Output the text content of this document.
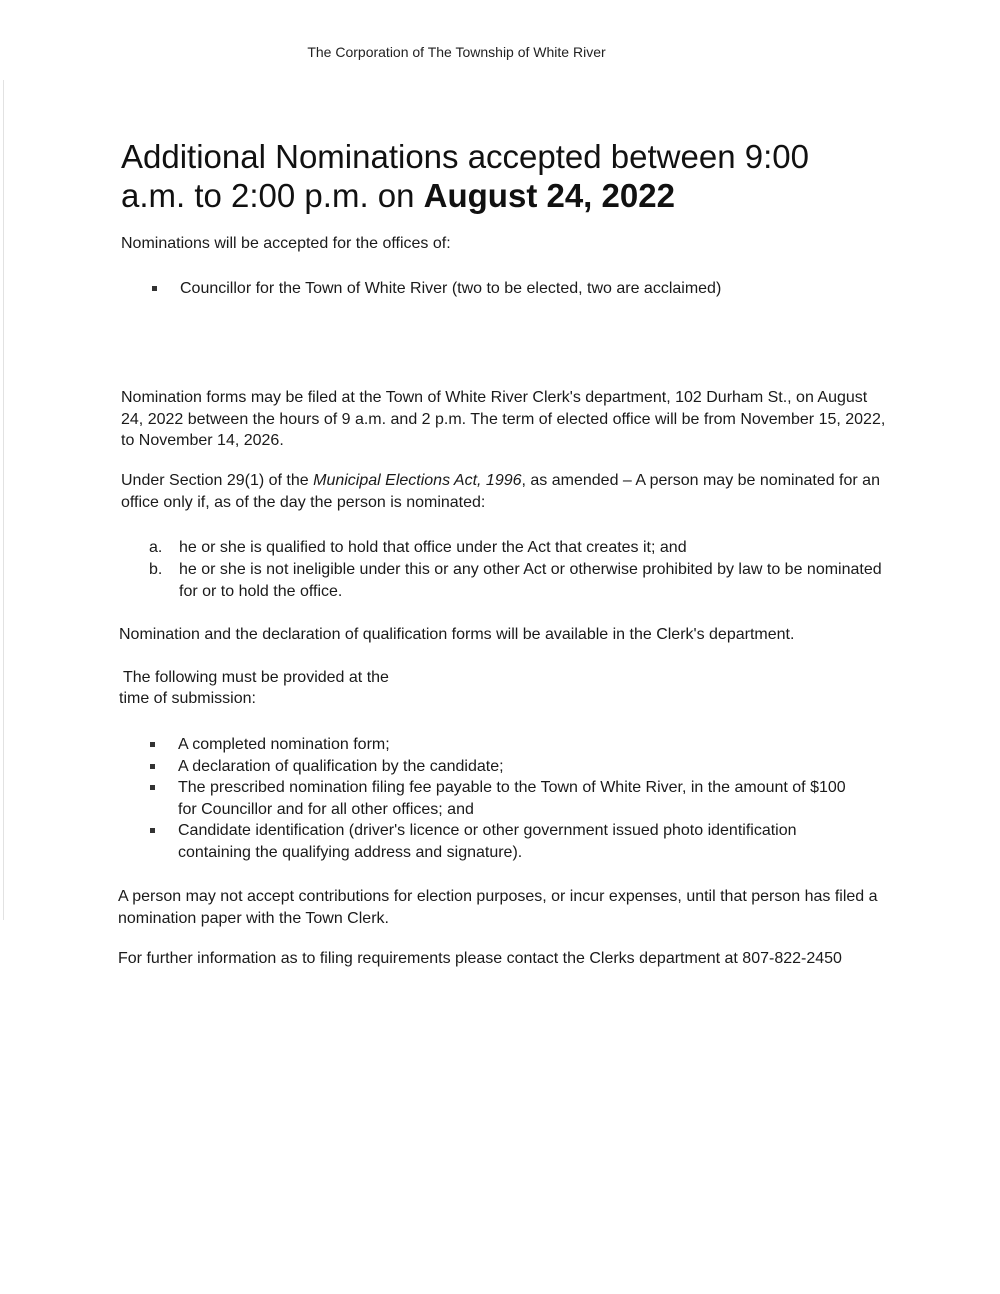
The Corporation of The Township of White River
Additional Nominations accepted between 9:00 a.m. to 2:00 p.m. on August 24, 2022

Nominations will be accepted for the offices of:

Councillor for the Town of White River (two to be elected, two are acclaimed)

Nomination forms may be filed at the Town of White River Clerk's department, 102 Durham St., on August 24, 2022 between the hours of 9 a.m. and 2 p.m. The term of elected office will be from November 15, 2022, to November 14, 2026.

Under Section 29(1) of the Municipal Elections Act, 1996, as amended – A person may be nominated for an office only if, as of the day the person is nominated:

a. he or she is qualified to hold that office under the Act that creates it; and
b. he or she is not ineligible under this or any other Act or otherwise prohibited by law to be nominated for or to hold the office.

Nomination and the declaration of qualification forms will be available in the Clerk's department.

The following must be provided at the

time of submission:

A completed nomination form;
A declaration of qualification by the candidate;
The prescribed nomination filing fee payable to the Town of White River, in the amount of $100 for Councillor and for all other offices; and
Candidate identification (driver's licence or other government issued photo identification containing the qualifying address and signature).

A person may not accept contributions for election purposes, or incur expenses, until that person has filed a nomination paper with the Town Clerk.

For further information as to filing requirements please contact the Clerks department at 807-822-2450
